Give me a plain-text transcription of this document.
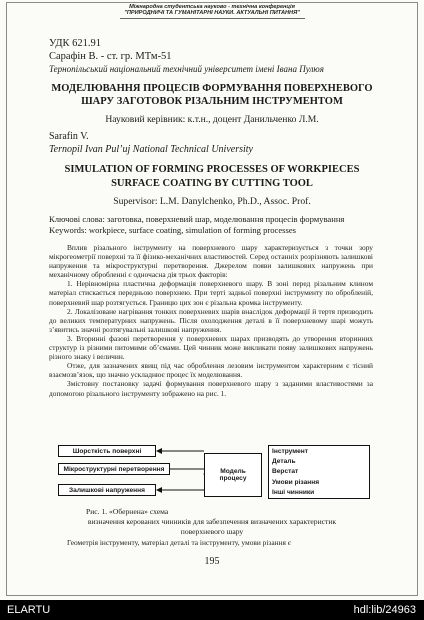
Міжнародна студентська науково - технічна конференція
"ПРИРОДНИЧІ ТА ГУМАНІТАРНІ НАУКИ. АКТУАЛЬНІ ПИТАННЯ"
УДК 621.91
Сарафін В. - ст. гр. МТм-51
Тернопільський національний технічний університет імені Івана Пулюя
МОДЕЛЮВАННЯ ПРОЦЕСІВ ФОРМУВАННЯ ПОВЕРХНЕВОГО
ШАРУ ЗАГОТОВОК РІЗАЛЬНИМ ІНСТРУМЕНТОМ
Науковий керівник: к.т.н., доцент Данильченко Л.М.
Sarafin V.
Ternopil Ivan Pul’uj National Technical University
SIMULATION OF FORMING PROCESSES OF WORKPIECES
SURFACE COATING BY CUTTING TOOL
Supervisor: L.M. Danylchenko, Ph.D., Assoc. Prof.
Ключові слова: заготовка, поверхневий шар, моделювання процесів формування
Keywords: workpiece, surface coating, simulation of forming processes

Вплив різального інструменту на поверхневого шару характеризується з точки зору мікрогеометрії поверхні та її фізико-механічних властивостей. Серед останніх розрізняють залишкові напруження та мікроструктурні перетворення. Джерелом появи залишкових напружень при механічному обробленні є одночасна дія трьох факторів:

1. Нерівномірна пластична деформація поверхневого шару. В зоні перед різальним клином матеріал стискається передньою поверхнею. При терті задньої поверхні інструменту по обробленій, поверхневий шар розтягується. Границю цих зон є різальна кромка інструменту.

2. Локалізоване нагрівання тонких поверхневих шарів внаслідок деформації й тертя призводить до великих температурних напружень. Після охолодження деталі в її поверхневому шарі можуть з’явитись значні розтягувальні залишкові напруження.

3. Вторинні фазові перетворення у поверхневих шарах призводять до утворення вторинних структур із різними питомими об’ємами. Цей чинник може викликати появу залишкових напружень різного знаку і величин.

Отже, для зазначених явищ під час оброблення лезовим інструментом характерним є тісний взаємозв’язок, що значно ускладнює процес їх моделювання.

Змістовну постановку задачі формування поверхневого шару з заданими властивостями за допомогою різального інструменту зображено на рис. 1.

Шорсткість поверхні
Мікроструктурні перетворення
Залишкові напруження
Модель
процесу
Інструмент
Деталь
Верстат
Умови різання
Інші чинники
Рис. 1. «Обернена» схема
визначення керованих чинників для забезпечення визначених характеристик
поверхневого шару
Геометрія інструменту, матеріал деталі та інструменту, умови різання є
195
ELARTU	hdl:lib/24963
